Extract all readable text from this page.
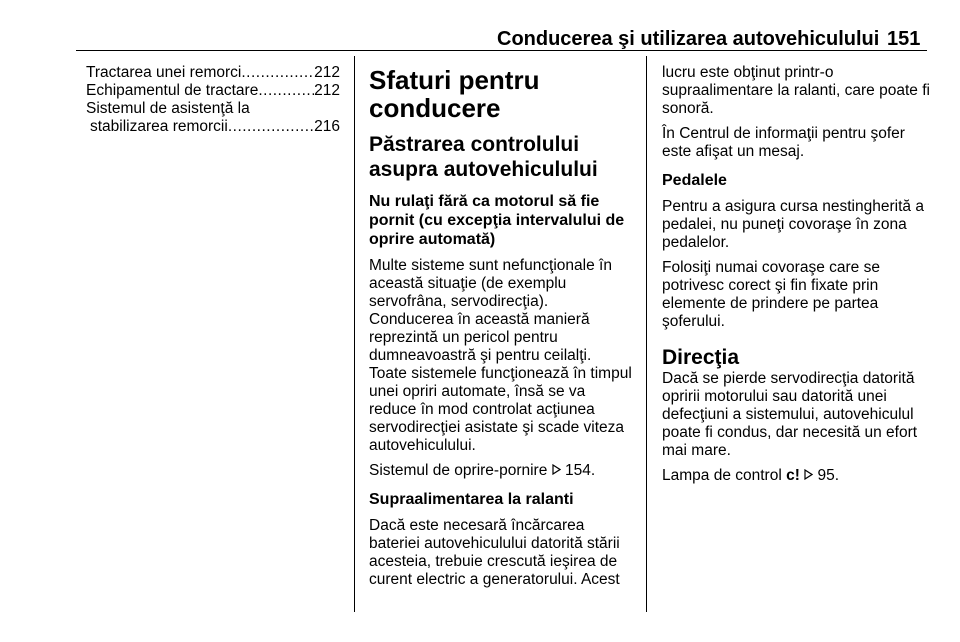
Conducerea şi utilizarea autovehiculului 151
Tractarea unei remorci .....	212
Echipamentul de tractare .....	212
Sistemul de asistenţă la
stabilizarea remorcii .....	216
Sfaturi pentru conducere
Păstrarea controlului asupra autovehiculului
Nu rulaţi fără ca motorul să fie pornit (cu excepţia intervalului de oprire automată)

Multe sisteme sunt nefuncţionale în această situaţie (de exemplu servofrâna, servodirecţia). Conducerea în această manieră reprezintă un pericol pentru dumneavoastră şi pentru ceilalţi. Toate sistemele funcţionează în timpul unei opriri automate, însă se va reduce în mod controlat acţiunea servodirecţiei asistate şi scade viteza autovehiculului.

Sistemul de oprire-pornire 154.

Supraalimentarea la ralanti

Dacă este necesară încărcarea bateriei autovehiculului datorită stării acesteia, trebuie crescută ieşirea de curent electric a generatorului. Acest

lucru este obţinut printr-o supraalimentare la ralanti, care poate fi sonoră.

În Centrul de informaţii pentru şofer este afişat un mesaj.

Pedalele

Pentru a asigura cursa nestingherită a pedalei, nu puneţi covoraşe în zona pedalelor.

Folosiţi numai covoraşe care se potrivesc corect şi fin fixate prin elemente de prindere pe partea şoferului.

Direcţia

Dacă se pierde servodirecţia datorită opririi motorului sau datorită unei defecţiuni a sistemului, autovehiculul poate fi condus, dar necesită un efort mai mare.

Lampa de control c! 95.
